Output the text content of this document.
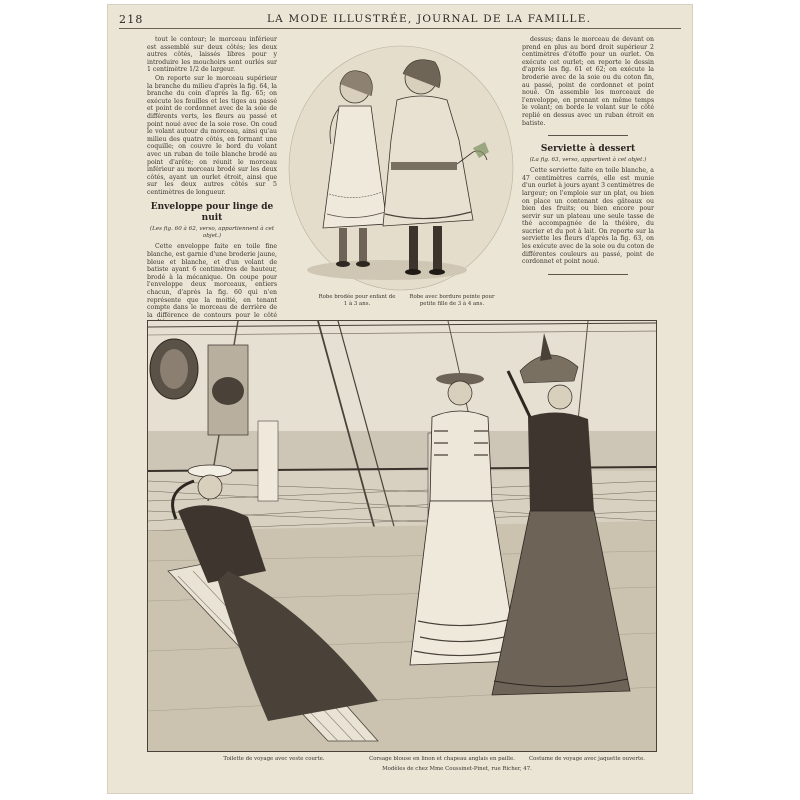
218	LA MODE ILLUSTRÉE, JOURNAL DE LA FAMILLE.

tout le contour; le morceau inférieur est assemblé sur deux côtés; les deux autres côtés, laissés libres pour y introduire les mouchoirs sont ourlés sur 1 centimètre 1/2 de largeur.

On reporte sur le morceau supérieur la branche du milieu d'après la fig. 64, la branche du coin d'après la fig. 65; on exécute les feuilles et les tiges au passé et point de cordonnet avec de la soie de différents verts, les fleurs au passé et point noué avec de la soie rose. On coud le volant autour du morceau, ainsi qu'au milieu des quatre côtés, en formant une coquille; on couvre le bord du volant avec un ruban de toile blanche brodé au point d'arête; on réunit le morceau inférieur au morceau brodé sur les deux côtés, ayant un ourlet étroit, ainsi que sur les deux autres côtés sur 5 centimètres de longueur.

Enveloppe pour linge de nuit
(Les fig. 60 à 62, verso, appartiennent à cet objet.)

Cette enveloppe faite en toile fine blanche, est garnie d'une broderie jaune, bleue et blanche, et d'un volant de batiste ayant 6 centimètres de hauteur, brodé à la mécanique. On coupe pour l'enveloppe deux morceaux, entiers chacun, d'après la fig. 60 qui n'en représente que la moitié, en tenant compte dans le morceau de derrière de la différence de contours pour le côté

dessus; dans le morceau de devant on prend en plus au bord droit supérieur 2 centimètres d'étoffe pour un ourlet. On exécute cet ourlet; on reporte le dessin d'après les fig. 61 et 62; on exécute la broderie avec de la soie ou du coton fin, au passé, point de cordonnet et point noué. On assemble les morceaux de l'enveloppe, en prenant en même temps le volant; on borde le volant sur le côté replié en dessus avec un ruban étroit en batiste.

Serviette à dessert
(La fig. 63, verso, appartient à cet objet.)

Cette serviette faite en toile blanche, a 47 centimètres carrés, elle est munie d'un ourlet à jours ayant 3 centimètres de largeur; on l'emploie sur un plat, ou bien on place un contenant des gâteaux ou bien des fruits; ou bien encore pour servir sur un plateau une seule tasse de thé accompagnée de la théière, du sucrier et du pot à lait. On reporte sur la serviette les fleurs d'après la fig. 63, on les exécute avec de la soie ou du coton de différentes couleurs au passé, point de cordonnet et point noué.

Robe brodée pour enfant de 1 à 3 ans.
Robe avec bordure peinte pour petite fille de 3 à 4 ans.
Toilette de voyage avec veste courte.	Corsage blouse en linon et chapeau anglais en paille.	Costume de voyage avec jaquette ouverte.
Modèles de chez Mme Coussinet-Pinet, rue Richer, 47.
